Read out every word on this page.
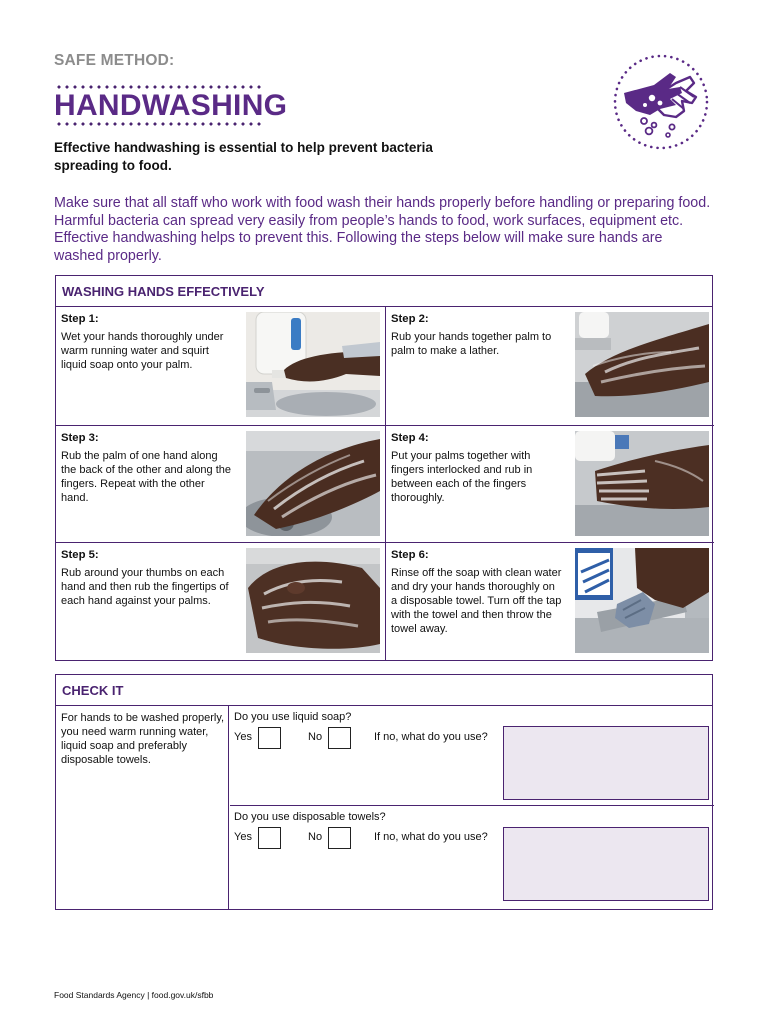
SAFE METHOD:
HANDWASHING
Effective handwashing is essential to help prevent bacteria spreading to food.
Make sure that all staff who work with food wash their hands properly before handling or preparing food. Harmful bacteria can spread very easily from people’s hands to food, work surfaces, equipment etc. Effective handwashing helps to prevent this. Following the steps below will make sure hands are washed properly.
WASHING HANDS EFFECTIVELY
Step 1:
Wet your hands thoroughly under warm running water and squirt liquid soap onto your palm.
Step 2:
Rub your hands together palm to palm to make a lather.
Step 3:
Rub the palm of one hand along the back of the other and along the fingers. Repeat with the other hand.
Step 4:
Put your palms together with fingers interlocked and rub in between each of the fingers thoroughly.
Step 5:
Rub around your thumbs on each hand and then rub the fingertips of each hand against your palms.
Step 6:
Rinse off the soap with clean water and dry your hands thoroughly on a disposable towel. Turn off the tap with the towel and then throw the towel away.
CHECK IT
For hands to be washed properly, you need warm running water, liquid soap and preferably disposable towels.
Do you use liquid soap?
Yes	No	If no, what do you use?
Do you use disposable towels?
Yes	No	If no, what do you use?
Food Standards Agency | food.gov.uk/sfbb
